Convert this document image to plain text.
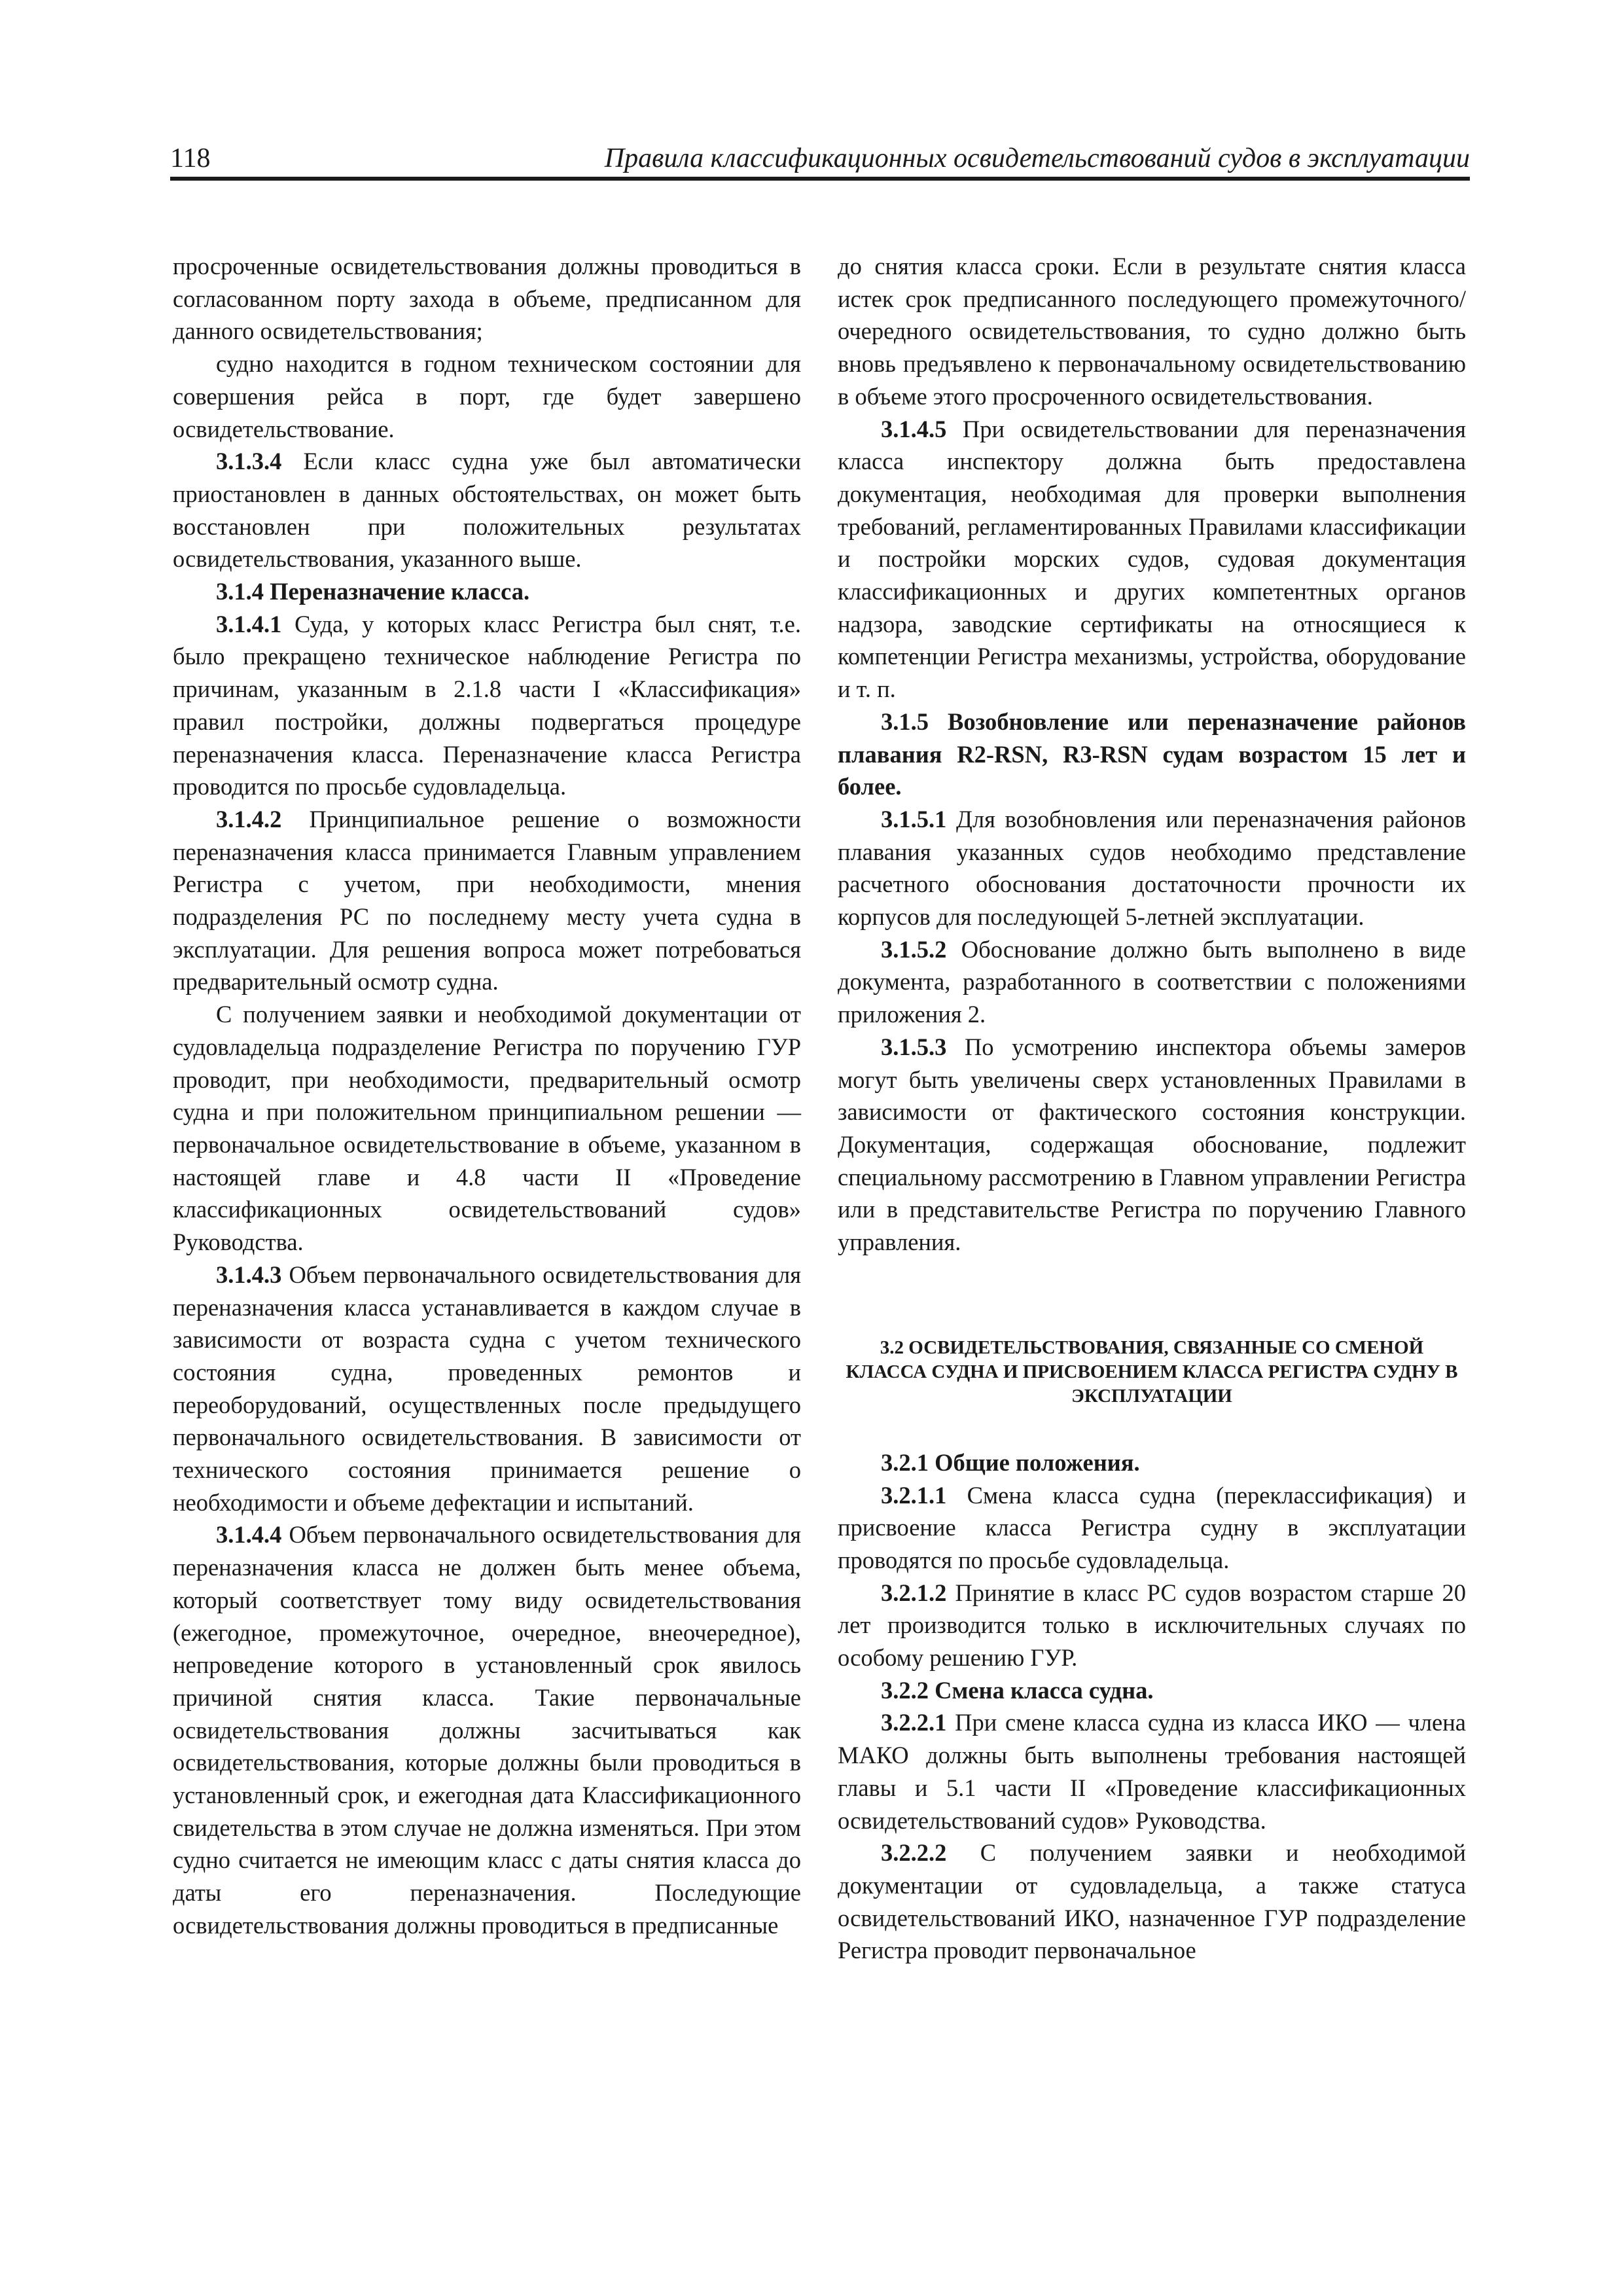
118	Правила классификационных освидетельствований судов в эксплуатации

просроченные освидетельствования должны проводиться в согласованном порту захода в объеме, предписанном для данного освидетельствования;

судно находится в годном техническом состоянии для совершения рейса в порт, где будет завершено освидетельствование.

3.1.3.4 Если класс судна уже был автоматически приостановлен в данных обстоятельствах, он может быть восстановлен при положительных результатах освидетельствования, указанного выше.

3.1.4 Переназначение класса.

3.1.4.1 Суда, у которых класс Регистра был снят, т.е. было прекращено техническое наблюдение Регистра по причинам, указанным в 2.1.8 части I «Классификация» правил постройки, должны подвергаться процедуре переназначения класса. Переназначение класса Регистра проводится по просьбе судовладельца.

3.1.4.2 Принципиальное решение о возможности переназначения класса принимается Главным управлением Регистра с учетом, при необходимости, мнения подразделения РС по последнему месту учета судна в эксплуатации. Для решения вопроса может потребоваться предварительный осмотр судна.

С получением заявки и необходимой документации от судовладельца подразделение Регистра по поручению ГУР проводит, при необходимости, предварительный осмотр судна и при положительном принципиальном решении — первоначальное освидетельствование в объеме, указанном в настоящей главе и 4.8 части II «Проведение классификационных освидетельствований судов» Руководства.

3.1.4.3 Объем первоначального освидетельствования для переназначения класса устанавливается в каждом случае в зависимости от возраста судна с учетом технического состояния судна, проведенных ремонтов и переоборудований, осуществленных после предыдущего первоначального освидетельствования. В зависимости от технического состояния принимается решение о необходимости и объеме дефектации и испытаний.

3.1.4.4 Объем первоначального освидетельствования для переназначения класса не должен быть менее объема, который соответствует тому виду освидетельствования (ежегодное, промежуточное, очередное, внеочередное), непроведение которого в установленный срок явилось причиной снятия класса. Такие первоначальные освидетельствования должны засчитываться как освидетельствования, которые должны были проводиться в установленный срок, и ежегодная дата Классификационного свидетельства в этом случае не должна изменяться. При этом судно считается не имеющим класс с даты снятия класса до даты его переназначения. Последующие освидетельствования должны проводиться в предписанные

до снятия класса сроки. Если в результате снятия класса истек срок предписанного последующего промежуточного/очередного освидетельствования, то судно должно быть вновь предъявлено к первоначальному освидетельствованию в объеме этого просроченного освидетельствования.

3.1.4.5 При освидетельствовании для переназначения класса инспектору должна быть предоставлена документация, необходимая для проверки выполнения требований, регламентированных Правилами классификации и постройки морских судов, судовая документация классификационных и других компетентных органов надзора, заводские сертификаты на относящиеся к компетенции Регистра механизмы, устройства, оборудование и т. п.

3.1.5 Возобновление или переназначение районов плавания R2-RSN, R3-RSN судам возрастом 15 лет и более.

3.1.5.1 Для возобновления или переназначения районов плавания указанных судов необходимо представление расчетного обоснования достаточности прочности их корпусов для последующей 5-летней эксплуатации.

3.1.5.2 Обоснование должно быть выполнено в виде документа, разработанного в соответствии с положениями приложения 2.

3.1.5.3 По усмотрению инспектора объемы замеров могут быть увеличены сверх установленных Правилами в зависимости от фактического состояния конструкции. Документация, содержащая обоснование, подлежит специальному рассмотрению в Главном управлении Регистра или в представительстве Регистра по поручению Главного управления.

3.2 ОСВИДЕТЕЛЬСТВОВАНИЯ, СВЯЗАННЫЕ СО СМЕНОЙ КЛАССА СУДНА И ПРИСВОЕНИЕМ КЛАССА РЕГИСТРА СУДНУ В ЭКСПЛУАТАЦИИ

3.2.1 Общие положения.

3.2.1.1 Смена класса судна (переклассификация) и присвоение класса Регистра судну в эксплуатации проводятся по просьбе судовладельца.

3.2.1.2 Принятие в класс РС судов возрастом старше 20 лет производится только в исключительных случаях по особому решению ГУР.

3.2.2 Смена класса судна.

3.2.2.1 При смене класса судна из класса ИКО — члена МАКО должны быть выполнены требования настоящей главы и 5.1 части II «Проведение классификационных освидетельствований судов» Руководства.

3.2.2.2 С получением заявки и необходимой документации от судовладельца, а также статуса освидетельствований ИКО, назначенное ГУР подразделение Регистра проводит первоначальное
